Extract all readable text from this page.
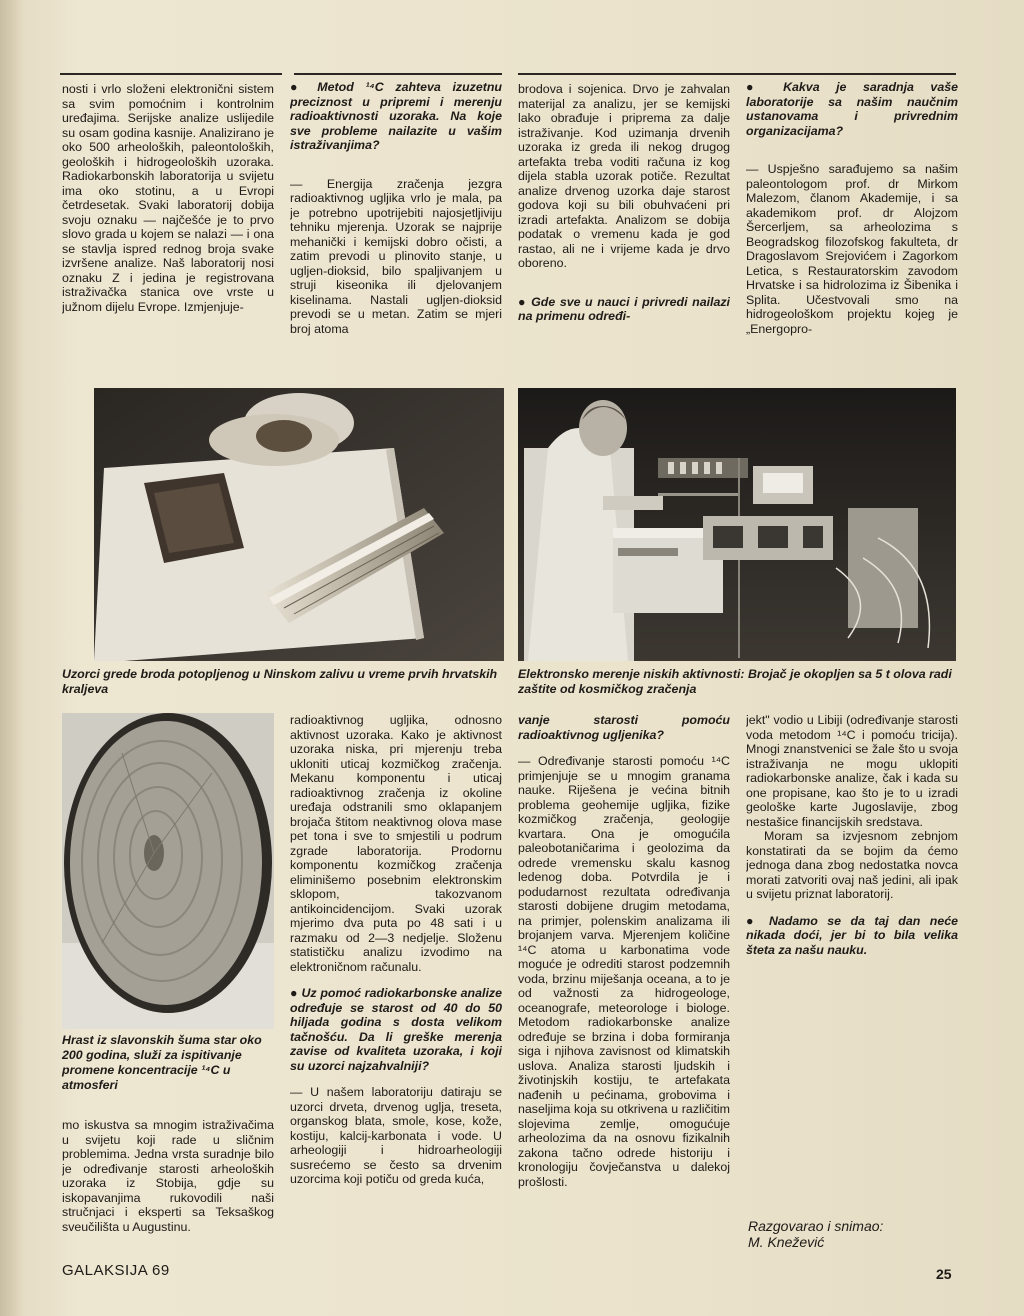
nosti i vrlo složeni elektronični sistem sa svim pomoćnim i kontrolnim uređajima. Serijske analize uslijedile su osam godina kasnije. Analizirano je oko 500 arheoloških, paleontoloških, geoloških i hidrogeoloških uzoraka. Radiokarbonskih laboratorija u svijetu ima oko stotinu, a u Evropi četrdesetak. Svaki laboratorij dobija svoju oznaku — najčešće je to prvo slovo grada u kojem se nalazi — i ona se stavlja ispred rednog broja svake izvršene analize. Naš laboratorij nosi oznaku Z i jedina je registrovana istraživačka stanica ove vrste u južnom dijelu Evrope. Izmjenjuje-

● Metod ¹⁴C zahteva izuzetnu preciznost u pripremi i merenju radioaktivnosti uzoraka. Na koje sve probleme nailazite u vašim istraživanjima?

— Energija zračenja jezgra radioaktivnog ugljika vrlo je mala, pa je potrebno upotrijebiti najosjetljiviju tehniku mjerenja. Uzorak se najprije mehanički i kemijski dobro očisti, a zatim prevodi u plinovito stanje, u ugljen-dioksid, bilo spaljivanjem u struji kiseonika ili djelovanjem kiselinama. Nastali ugljen-dioksid prevodi se u metan. Zatim se mjeri broj atoma

brodova i sojenica. Drvo je zahvalan materijal za analizu, jer se kemijski lako obrađuje i priprema za dalje istraživanje. Kod uzimanja drvenih uzoraka iz greda ili nekog drugog artefakta treba voditi računa iz kog dijela stabla uzorak potiče. Rezultat analize drvenog uzorka daje starost godova koji su bili obuhvaćeni pri izradi artefakta. Analizom se dobija podatak o vremenu kada je god rastao, ali ne i vrijeme kada je drvo oboreno.

● Gde sve u nauci i privredi nailazi na primenu određi-

● Kakva je saradnja vaše laboratorije sa našim naučnim ustanovama i privrednim organizacijama?

— Uspješno sarađujemo sa našim paleontologom prof. dr Mirkom Malezom, članom Akademije, i sa akademikom prof. dr Alojzom Šercerljem, sa arheolozima s Beogradskog filozofskog fakulteta, dr Dragoslavom Srejovićem i Zagorkom Letica, s Restauratorskim zavodom Hrvatske i sa hidrolozima iz Šibenika i Splita. Učestvovali smo na hidrogeološkom projektu kojeg je „Energopro-

Uzorci grede broda potopljenog u Ninskom zalivu u vreme prvih hrvatskih kraljeva
Elektronsko merenje niskih aktivnosti: Brojač je okopljen sa 5 t olova radi zaštite od kosmičkog zračenja
Hrast iz slavonskih šuma star oko 200 godina, služi za ispitivanje promene koncentracije ¹⁴C u atmosferi

mo iskustva sa mnogim istraživačima u svijetu koji rade u sličnim problemima. Jedna vrsta suradnje bilo je određivanje starosti arheoloških uzoraka iz Stobija, gdje su iskopavanjima rukovodili naši stručnjaci i eksperti sa Teksaškog sveučilišta u Augustinu.

radioaktivnog ugljika, odnosno aktivnost uzoraka. Kako je aktivnost uzoraka niska, pri mjerenju treba ukloniti uticaj kozmičkog zračenja. Mekanu komponentu i uticaj radioaktivnog zračenja iz okoline uređaja odstranili smo oklapanjem brojača štitom neaktivnog olova mase pet tona i sve to smjestili u podrum zgrade laboratorija. Prodornu komponentu kozmičkog zračenja eliminišemo posebnim elektronskim sklopom, takozvanom antikoincidencijom. Svaki uzorak mjerimo dva puta po 48 sati i u razmaku od 2—3 nedjelje. Složenu statističku analizu izvodimo na elektroničnom računalu.

● Uz pomoć radiokarbonske analize određuje se starost od 40 do 50 hiljada godina s dosta velikom tačnošću. Da li greške merenja zavise od kvaliteta uzoraka, i koji su uzorci najzahvalniji?

— U našem laboratoriju datiraju se uzorci drveta, drvenog uglja, treseta, organskog blata, smole, kose, kože, kostiju, kalcij-karbonata i vode. U arheologiji i hidroarheologiji susrećemo se često sa drvenim uzorcima koji potiču od greda kuća,

vanje starosti pomoću radioaktivnog ugljenika?

— Određivanje starosti pomoću ¹⁴C primjenjuje se u mnogim granama nauke. Riješena je većina bitnih problema geohemije ugljika, fizike kozmičkog zračenja, geologije kvartara. Ona je omogućila paleobotaničarima i geolozima da odrede vremensku skalu kasnog ledenog doba. Potvrdila je i podudarnost rezultata određivanja starosti dobijene drugim metodama, na primjer, polenskim analizama ili brojanjem varva. Mjerenjem količine ¹⁴C atoma u karbonatima vode moguće je odrediti starost podzemnih voda, brzinu miješanja oceana, a to je od važnosti za hidrogeologe, oceanografe, meteorologe i biologe. Metodom radiokarbonske analize određuje se brzina i doba formiranja siga i njihova zavisnost od klimatskih uslova. Analiza starosti ljudskih i životinjskih kostiju, te artefakata nađenih u pećinama, grobovima i naseljima koja su otkrivena u različitim slojevima zemlje, omogućuje arheolozima da na osnovu fizikalnih zakona tačno odrede historiju i kronologiju čovječanstva u dalekoj prošlosti.

jekt" vodio u Libiji (određivanje starosti voda metodom ¹⁴C i pomoću tricija). Mnogi znanstvenici se žale što u svoja istraživanja ne mogu uklopiti radiokarbonske analize, čak i kada su one propisane, kao što je to u izradi geološke karte Jugoslavije, zbog nestašice financijskih sredstava.

Moram sa izvjesnom zebnjom konstatirati da se bojim da ćemo jednoga dana zbog nedostatka novca morati zatvoriti ovaj naš jedini, ali ipak u svijetu priznat laboratorij.

● Nadamo se da taj dan neće nikada doći, jer bi to bila velika šteta za našu nauku.

Razgovarao i snimao:
M. Knežević
GALAKSIJA 69	25
